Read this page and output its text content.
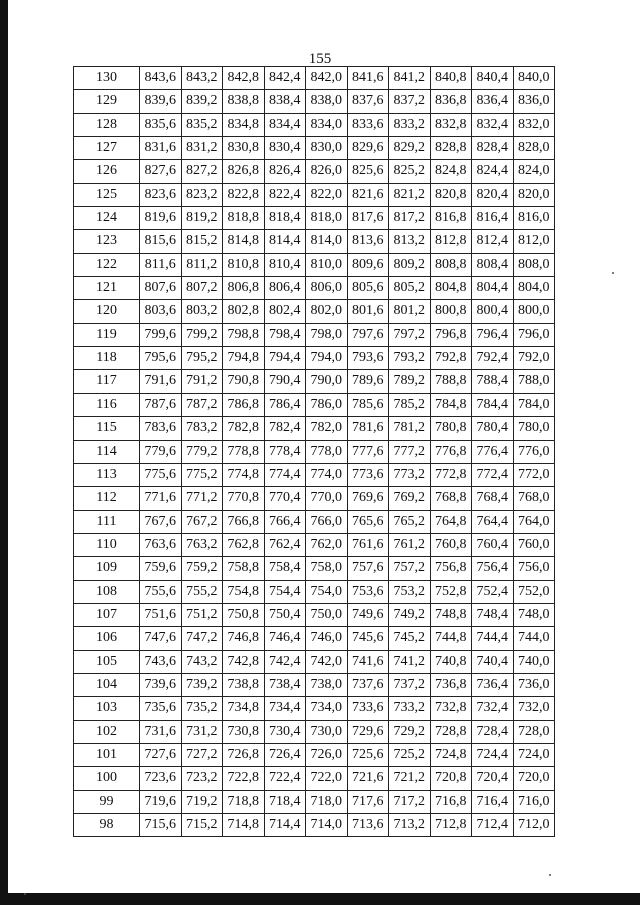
155
130	843,6	843,2	842,8	842,4	842,0	841,6	841,2	840,8	840,4	840,0
129	839,6	839,2	838,8	838,4	838,0	837,6	837,2	836,8	836,4	836,0
128	835,6	835,2	834,8	834,4	834,0	833,6	833,2	832,8	832,4	832,0
127	831,6	831,2	830,8	830,4	830,0	829,6	829,2	828,8	828,4	828,0
126	827,6	827,2	826,8	826,4	826,0	825,6	825,2	824,8	824,4	824,0
125	823,6	823,2	822,8	822,4	822,0	821,6	821,2	820,8	820,4	820,0
124	819,6	819,2	818,8	818,4	818,0	817,6	817,2	816,8	816,4	816,0
123	815,6	815,2	814,8	814,4	814,0	813,6	813,2	812,8	812,4	812,0
122	811,6	811,2	810,8	810,4	810,0	809,6	809,2	808,8	808,4	808,0
121	807,6	807,2	806,8	806,4	806,0	805,6	805,2	804,8	804,4	804,0
120	803,6	803,2	802,8	802,4	802,0	801,6	801,2	800,8	800,4	800,0
119	799,6	799,2	798,8	798,4	798,0	797,6	797,2	796,8	796,4	796,0
118	795,6	795,2	794,8	794,4	794,0	793,6	793,2	792,8	792,4	792,0
117	791,6	791,2	790,8	790,4	790,0	789,6	789,2	788,8	788,4	788,0
116	787,6	787,2	786,8	786,4	786,0	785,6	785,2	784,8	784,4	784,0
115	783,6	783,2	782,8	782,4	782,0	781,6	781,2	780,8	780,4	780,0
114	779,6	779,2	778,8	778,4	778,0	777,6	777,2	776,8	776,4	776,0
113	775,6	775,2	774,8	774,4	774,0	773,6	773,2	772,8	772,4	772,0
112	771,6	771,2	770,8	770,4	770,0	769,6	769,2	768,8	768,4	768,0
111	767,6	767,2	766,8	766,4	766,0	765,6	765,2	764,8	764,4	764,0
110	763,6	763,2	762,8	762,4	762,0	761,6	761,2	760,8	760,4	760,0
109	759,6	759,2	758,8	758,4	758,0	757,6	757,2	756,8	756,4	756,0
108	755,6	755,2	754,8	754,4	754,0	753,6	753,2	752,8	752,4	752,0
107	751,6	751,2	750,8	750,4	750,0	749,6	749,2	748,8	748,4	748,0
106	747,6	747,2	746,8	746,4	746,0	745,6	745,2	744,8	744,4	744,0
105	743,6	743,2	742,8	742,4	742,0	741,6	741,2	740,8	740,4	740,0
104	739,6	739,2	738,8	738,4	738,0	737,6	737,2	736,8	736,4	736,0
103	735,6	735,2	734,8	734,4	734,0	733,6	733,2	732,8	732,4	732,0
102	731,6	731,2	730,8	730,4	730,0	729,6	729,2	728,8	728,4	728,0
101	727,6	727,2	726,8	726,4	726,0	725,6	725,2	724,8	724,4	724,0
100	723,6	723,2	722,8	722,4	722,0	721,6	721,2	720,8	720,4	720,0
99	719,6	719,2	718,8	718,4	718,0	717,6	717,2	716,8	716,4	716,0
98	715,6	715,2	714,8	714,4	714,0	713,6	713,2	712,8	712,4	712,0
